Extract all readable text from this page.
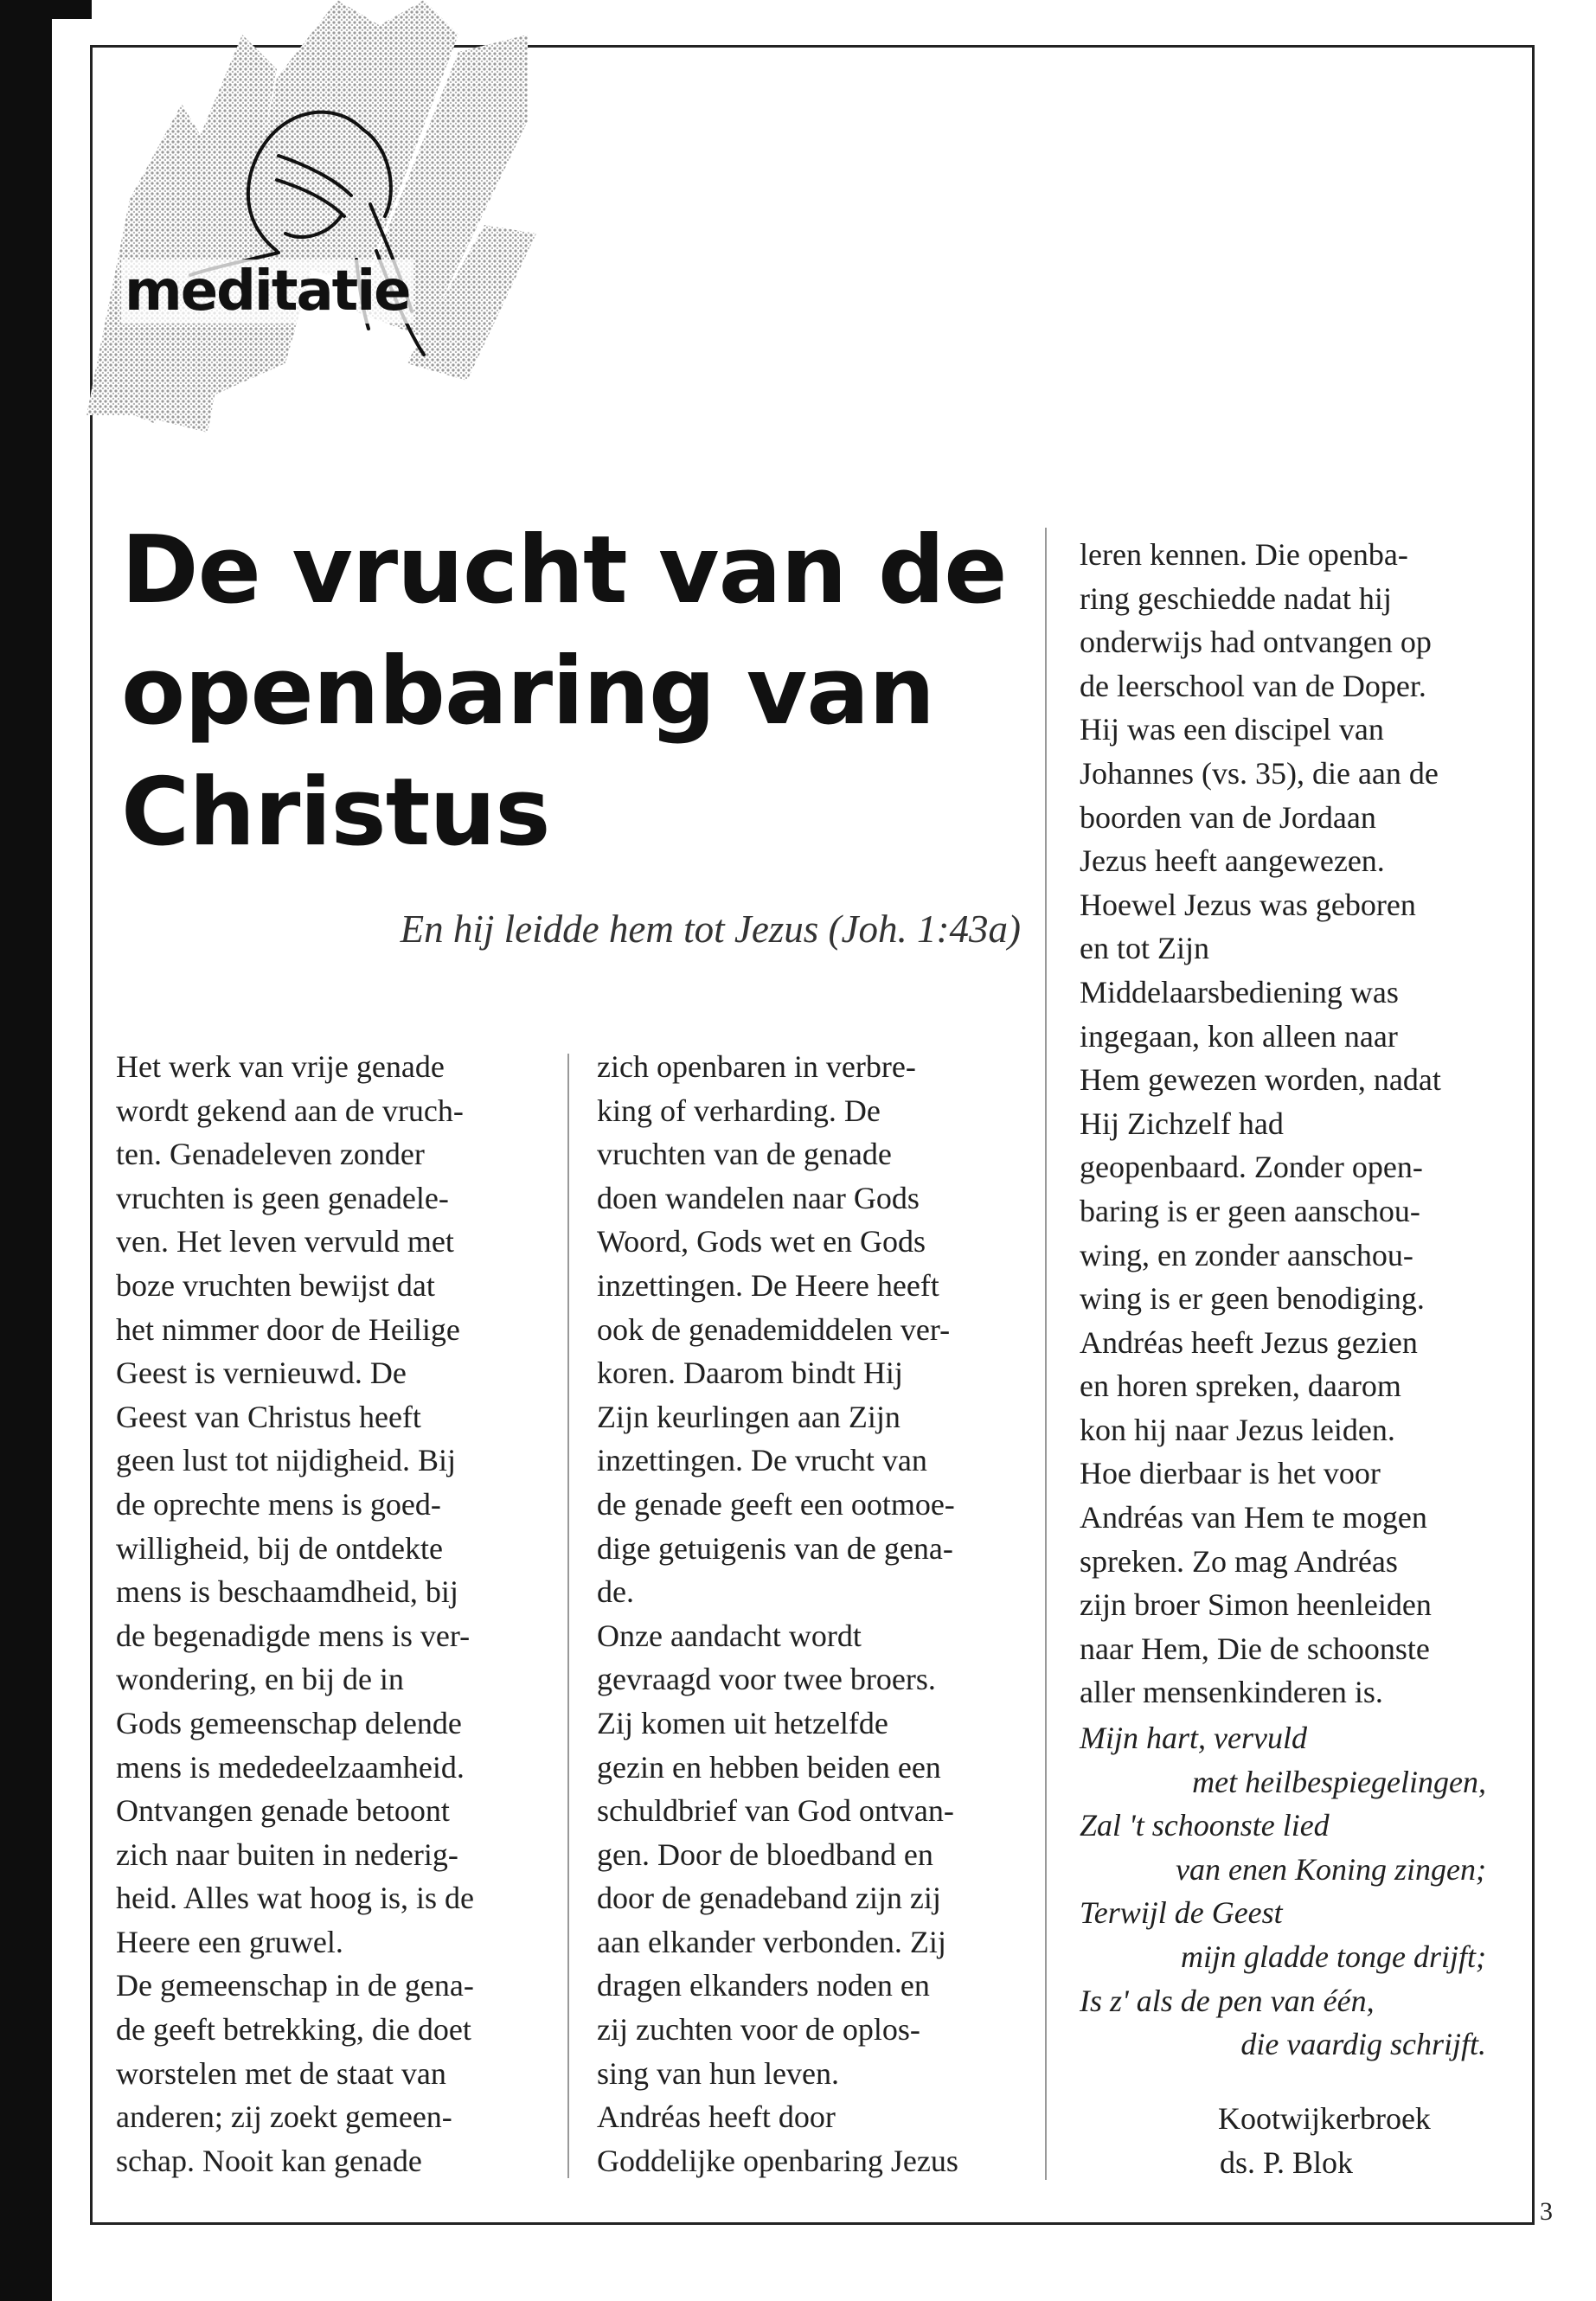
meditatie
De vrucht van de
openbaring van
Christus
En hij leidde hem tot Jezus (Joh. 1:43a)
Het werk van vrije genade
wordt gekend aan de vruch-
ten. Genadeleven zonder
vruchten is geen genadele-
ven. Het leven vervuld met
boze vruchten bewijst dat
het nimmer door de Heilige
Geest is vernieuwd. De
Geest van Christus heeft
geen lust tot nijdigheid. Bij
de oprechte mens is goed-
willigheid, bij de ontdekte
mens is beschaamdheid, bij
de begenadigde mens is ver-
wondering, en bij de in
Gods gemeenschap delende
mens is mededeelzaamheid.
Ontvangen genade betoont
zich naar buiten in nederig-
heid. Alles wat hoog is, is de
Heere een gruwel.
De gemeenschap in de gena-
de geeft betrekking, die doet
worstelen met de staat van
anderen; zij zoekt gemeen-
schap. Nooit kan genade
zich openbaren in verbre-
king of verharding. De
vruchten van de genade
doen wandelen naar Gods
Woord, Gods wet en Gods
inzettingen. De Heere heeft
ook de genademiddelen ver-
koren. Daarom bindt Hij
Zijn keurlingen aan Zijn
inzettingen. De vrucht van
de genade geeft een ootmoe-
dige getuigenis van de gena-
de.
Onze aandacht wordt
gevraagd voor twee broers.
Zij komen uit hetzelfde
gezin en hebben beiden een
schuldbrief van God ontvan-
gen. Door de bloedband en
door de genadeband zijn zij
aan elkander verbonden. Zij
dragen elkanders noden en
zij zuchten voor de oplos-
sing van hun leven.
Andréas heeft door
Goddelijke openbaring Jezus
leren kennen. Die openba-
ring geschiedde nadat hij
onderwijs had ontvangen op
de leerschool van de Doper.
Hij was een discipel van
Johannes (vs. 35), die aan de
boorden van de Jordaan
Jezus heeft aangewezen.
Hoewel Jezus was geboren
en tot Zijn
Middelaarsbediening was
ingegaan, kon alleen naar
Hem gewezen worden, nadat
Hij Zichzelf had
geopenbaard. Zonder open-
baring is er geen aanschou-
wing, en zonder aanschou-
wing is er geen benodiging.
Andréas heeft Jezus gezien
en horen spreken, daarom
kon hij naar Jezus leiden.
Hoe dierbaar is het voor
Andréas van Hem te mogen
spreken. Zo mag Andréas
zijn broer Simon heenleiden
naar Hem, Die de schoonste
aller mensenkinderen is.
Mijn hart, vervuld
met heilbespiegelingen,
Zal 't schoonste lied
van enen Koning zingen;
Terwijl de Geest
mijn gladde tonge drijft;
Is z' als de pen van één,
die vaardig schrijft.
Kootwijkerbroek
ds. P. Blok
3
